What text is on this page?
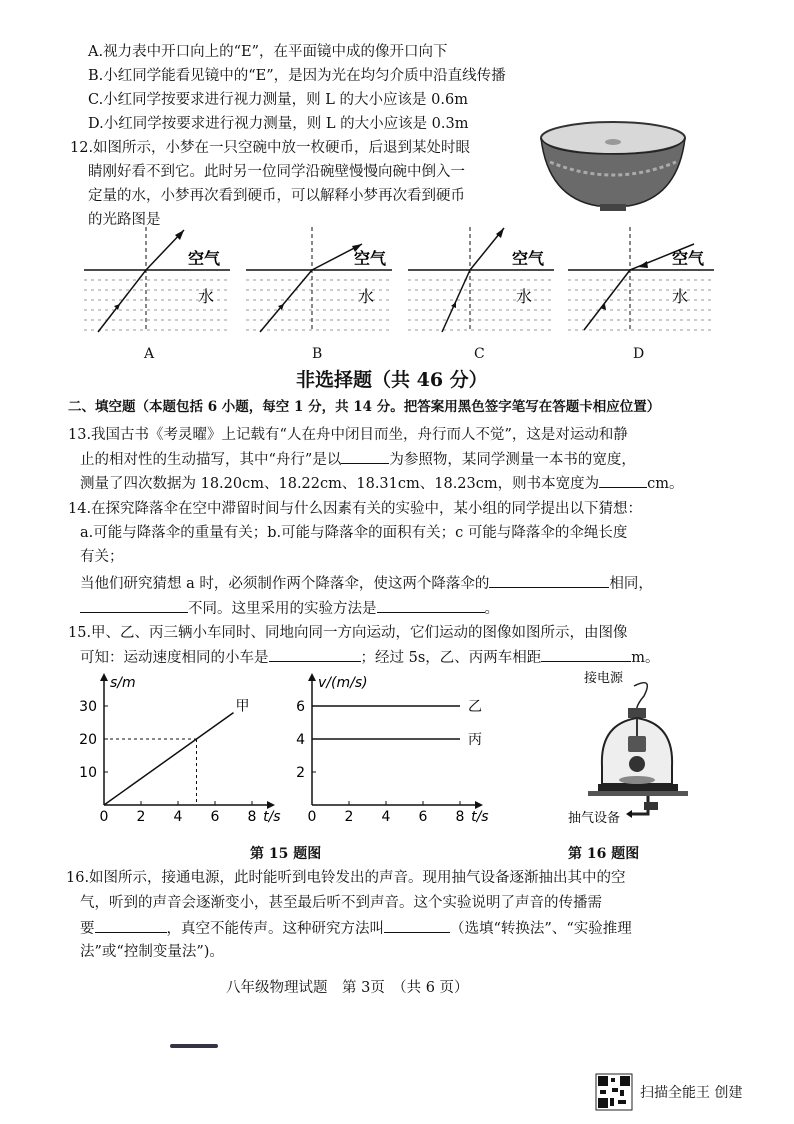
A.视力表中开口向上的“E”，在平面镜中成的像开口向下
B.小红同学能看见镜中的“E”，是因为光在均匀介质中沿直线传播
C.小红同学按要求进行视力测量，则 L 的大小应该是 0.6m
D.小红同学按要求进行视力测量，则 L 的大小应该是 0.3m
12.如图所示，小梦在一只空碗中放一枚硬币，后退到某处时眼
睛刚好看不到它。此时另一位同学沿碗壁慢慢向碗中倒入一
定量的水，小梦再次看到硬币，可以解释小梦再次看到硬币
的光路图是
空气
水
空气
水
空气
水
空气
水
A	B	C	D
非选择题（共 46 分）
二、填空题（本题包括 6 小题，每空 1 分，共 14 分。把答案用黑色签字笔写在答题卡相应位置）
13.我国古书《考灵曜》上记载有“人在舟中闭目而坐，舟行而人不觉”，这是对运动和静
止的相对性的生动描写，其中“舟行”是以	为参照物，某同学测量一本书的宽度，
测量了四次数据为 18.20cm、18.22cm、18.31cm、18.23cm，则书本宽度为	cm。
14.在探究降落伞在空中滞留时间与什么因素有关的实验中，某小组的同学提出以下猜想：
a.可能与降落伞的重量有关；b.可能与降落伞的面积有关；c 可能与降落伞的伞绳长度
有关；
当他们研究猜想 a 时，必须制作两个降落伞，使这两个降落伞的	相同，
不同。这里采用的实验方法是	。
15.甲、乙、丙三辆小车同时、同地向同一方向运动，它们运动的图像如图所示，由图像
可知：运动速度相同的小车是	；经过 5s，乙、丙两车相距	m。
0 2 4 6 8
10
20
30
t/s
s/m
甲
0 2 4 6 8
2
4
6
t/s
v/(m/s)
乙
丙
第 15 题图
接电源
抽气设备
第 16 题图
16.如图所示，接通电源，此时能听到电铃发出的声音。现用抽气设备逐渐抽出其中的空
气，听到的声音会逐渐变小，甚至最后听不到声音。这个实验说明了声音的传播需
要	，真空不能传声。这种研究方法叫	（选填“转换法”、“实验推理
法”或“控制变量法”)。
八年级物理试题　第 3页　（共 6 页）
扫描全能王 创建
